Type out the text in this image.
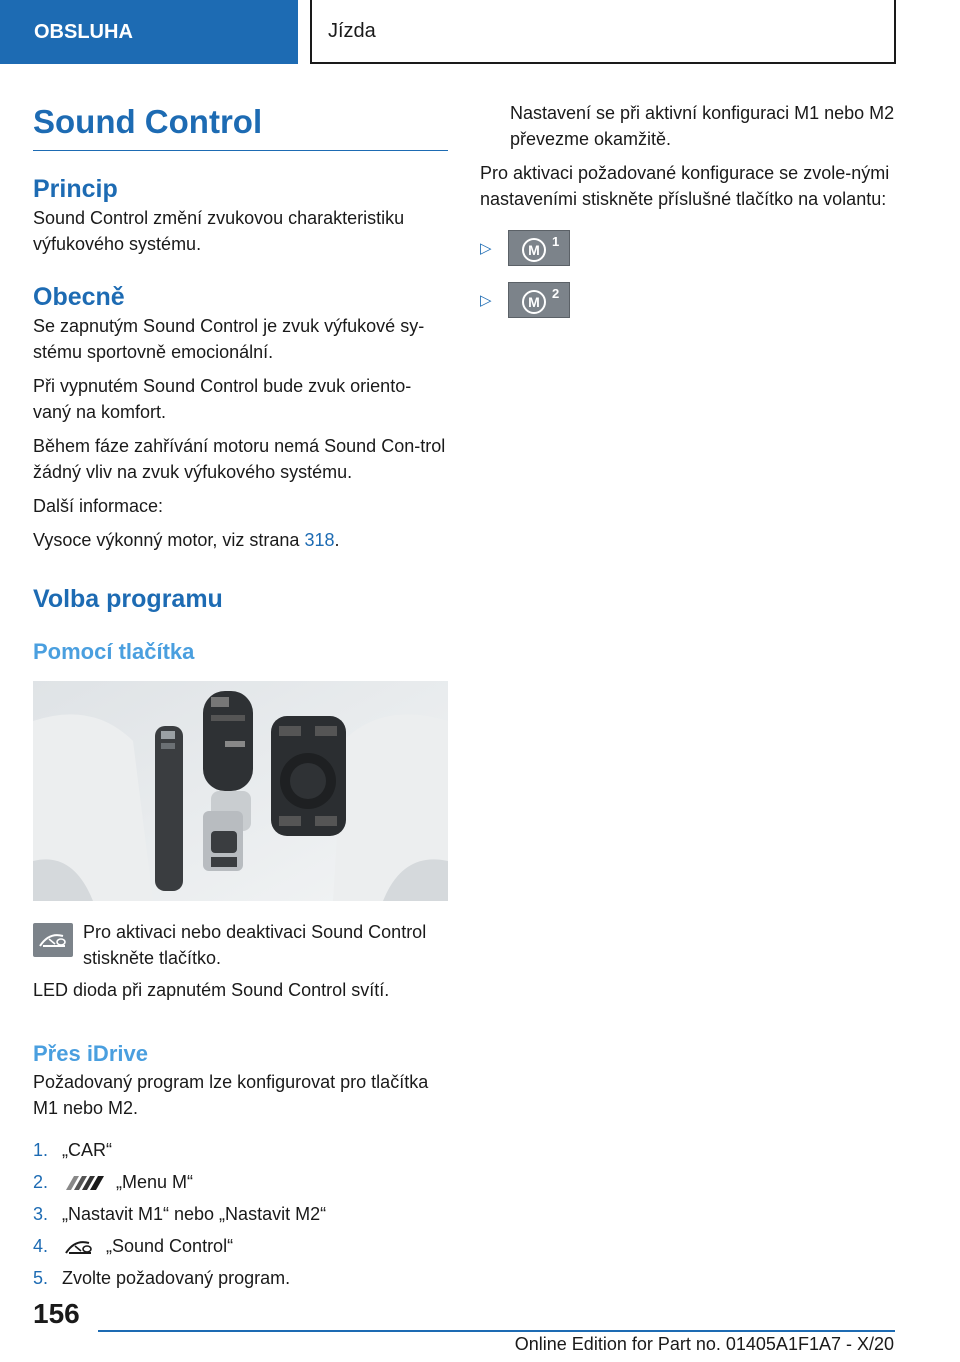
OBSLUHA	Jízda
Sound Control
Princip

Sound Control změní zvukovou charakteristiku výfukového systému.

Obecně

Se zapnutým Sound Control je zvuk výfukové sy-stému sportovně emocionální.

Při vypnutém Sound Control bude zvuk oriento-vaný na komfort.

Během fáze zahřívání motoru nemá Sound Con-trol žádný vliv na zvuk výfukového systému.

Další informace:

Vysoce výkonný motor, viz strana 318.

Volba programu
Pomocí tlačítka

Pro aktivaci nebo deaktivaci Sound Control stiskněte tlačítko.

LED dioda při zapnutém Sound Control svítí.

Přes iDrive

Požadovaný program lze konfigurovat pro tlačítka M1 nebo M2.

1. „CAR“
2.	„Menu M“
3. „Nastavit M1“ nebo „Nastavit M2“
4.	„Sound Control“
5. Zvolte požadovaný program.

Nastavení se při aktivní konfiguraci M1 nebo M2 převezme okamžitě.

Pro aktivaci požadované konfigurace se zvole-nými nastaveními stiskněte příslušné tlačítko na volantu:

▷	M
1
▷	M
2
156
Online Edition for Part no. 01405A1F1A7 - X/20
